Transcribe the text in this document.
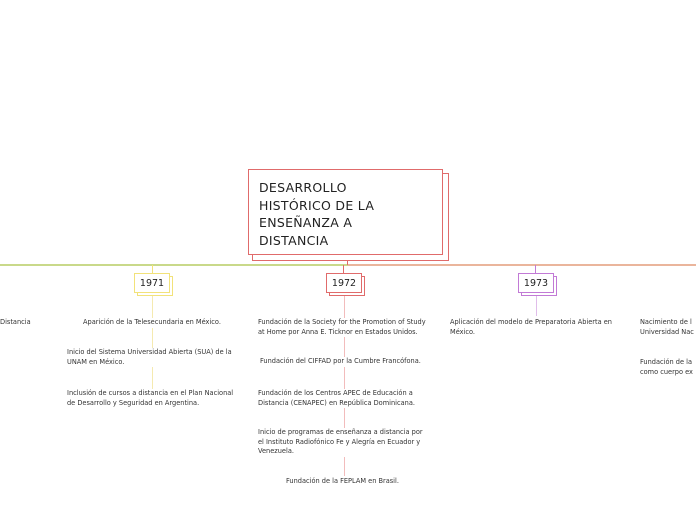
DESARROLLO
HISTÓRICO DE LA
ENSEÑANZA A
DISTANCIA
1971
Aparición de la Telesecundaria en México.
Inicio del Sistema Universidad Abierta (SUA) de la
UNAM en México.
Inclusión de cursos a distancia en el Plan Nacional
de Desarrollo y Seguridad en Argentina.
1972
Fundación de la Society for the Promotion of Study
at Home por Anna E. Ticknor en Estados Unidos.
Fundación del CIFFAD por la Cumbre Francófona.
Fundación de los Centros APEC de Educación a
Distancia (CENAPEC) en República Dominicana.
Inicio de programas de enseñanza a distancia por
el Instituto Radiofónico Fe y Alegría en Ecuador y
Venezuela.
Fundación de la FEPLAM en Brasil.
1973
Aplicación del modelo de Preparatoria Abierta en
México.
Distancia	Nacimiento de l
Universidad Nac
Fundación de la
como cuerpo ex
